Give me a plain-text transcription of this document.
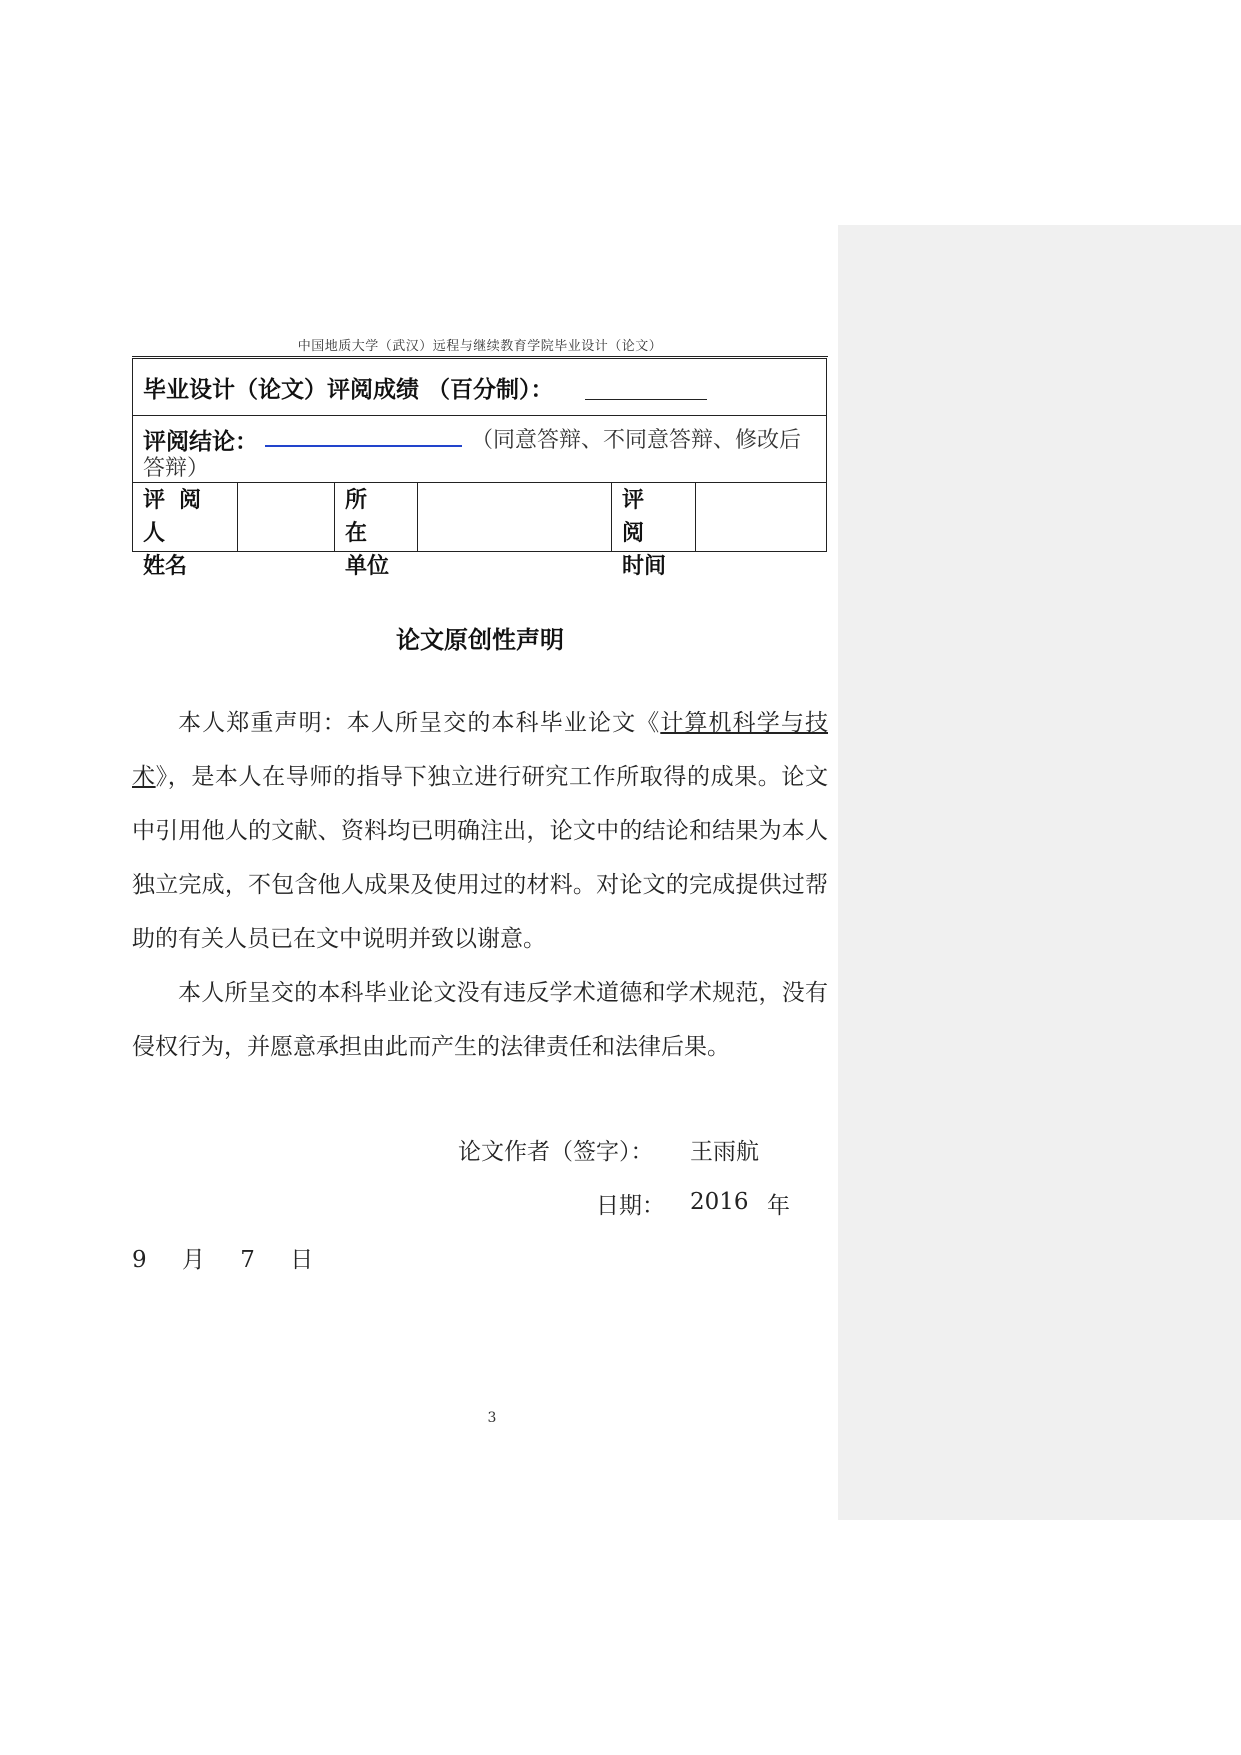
中国地质大学（武汉）远程与继续教育学院毕业设计（论文）
毕业设计（论文）评阅成绩 （百分制）：
评阅结论：	（同意答辩、不同意答辩、修改后
答辩）
评阅人
姓名
所 在
单位
评 阅
时间
论文原创性声明
本人郑重声明：本人所呈交的本科毕业论文《计算机科学与技术》，是本人在导师的指导下独立进行研究工作所取得的成果。论文中引用他人的文献、资料均已明确注出，论文中的结论和结果为本人独立完成，不包含他人成果及使用过的材料。对论文的完成提供过帮助的有关人员已在文中说明并致以谢意。
本人所呈交的本科毕业论文没有违反学术道德和学术规范，没有侵权行为，并愿意承担由此而产生的法律责任和法律后果。
论文作者（签字）： 王雨航
日期： 2016 年
9 月 7 日
3
